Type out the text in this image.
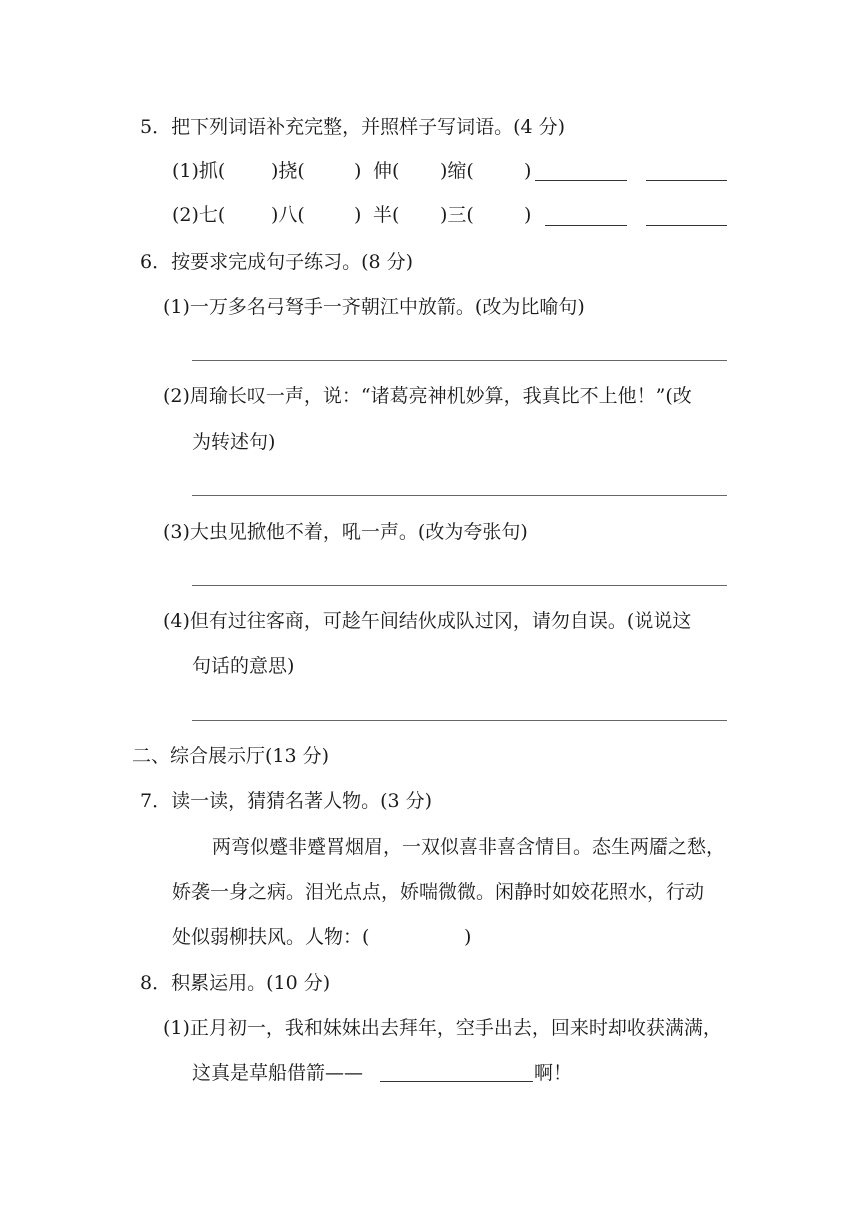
5．把下列词语补充完整，并照样子写词语。(4 分)
(1)抓( )挠(	) 伸( )缩(	)
(2)七( )八(	) 半( )三(	)
6．按要求完成句子练习。(8 分)
(1)一万多名弓弩手一齐朝江中放箭。(改为比喻句)
(2)周瑜长叹一声，说：“诸葛亮神机妙算，我真比不上他！”(改
为转述句)
(3)大虫见掀他不着，吼一声。(改为夸张句)
(4)但有过往客商，可趁午间结伙成队过冈，请勿自误。(说说这
句话的意思)
二、综合展示厅(13 分)
7．读一读，猜猜名著人物。(3 分)
两弯似蹙非蹙罥烟眉，一双似喜非喜含情目。态生两靥之愁，
娇袭一身之病。泪光点点，娇喘微微。闲静时如姣花照水，行动
处似弱柳扶风。人物：(	)
8．积累运用。(10 分)
(1)正月初一，我和妹妹出去拜年，空手出去，回来时却收获满满，
这真是草船借箭——	啊！
